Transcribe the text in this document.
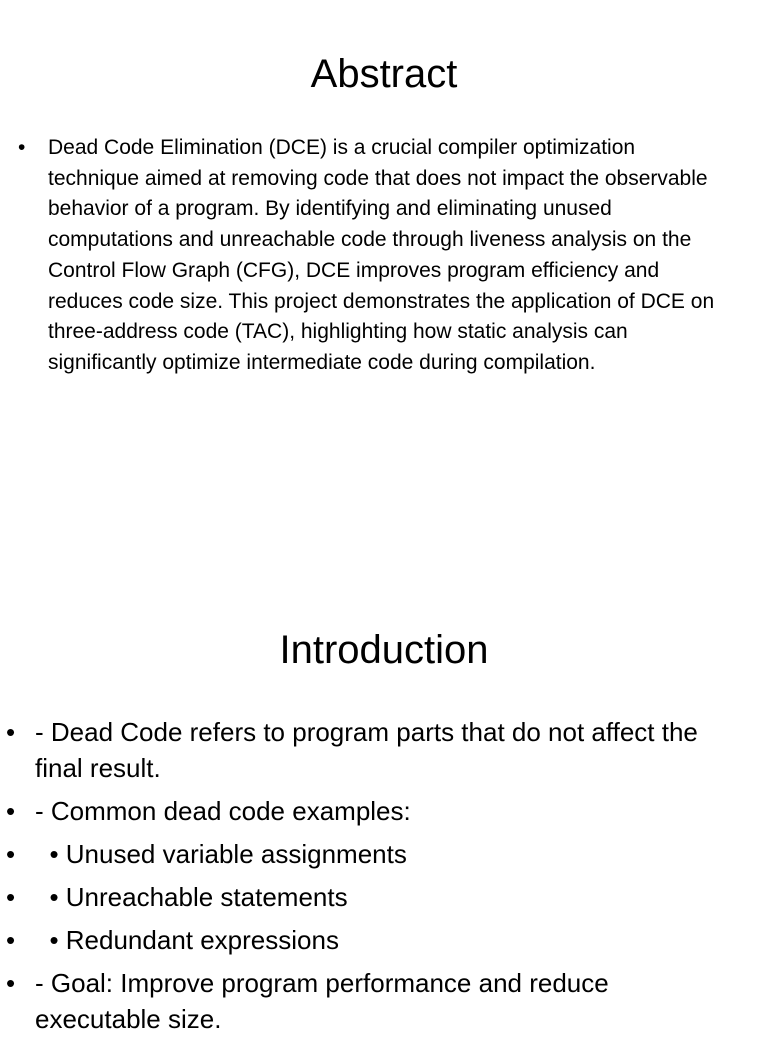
Abstract
• Dead Code Elimination (DCE) is a crucial compiler optimization technique aimed at removing code that does not impact the observable behavior of a program. By identifying and eliminating unused computations and unreachable code through liveness analysis on the Control Flow Graph (CFG), DCE improves program efficiency and reduces code size. This project demonstrates the application of DCE on three-address code (TAC), highlighting how static analysis can significantly optimize intermediate code during compilation.
Introduction
• - Dead Code refers to program parts that do not affect the final result.
• - Common dead code examples:
• • Unused variable assignments
• • Unreachable statements
• • Redundant expressions
• - Goal: Improve program performance and reduce executable size.
